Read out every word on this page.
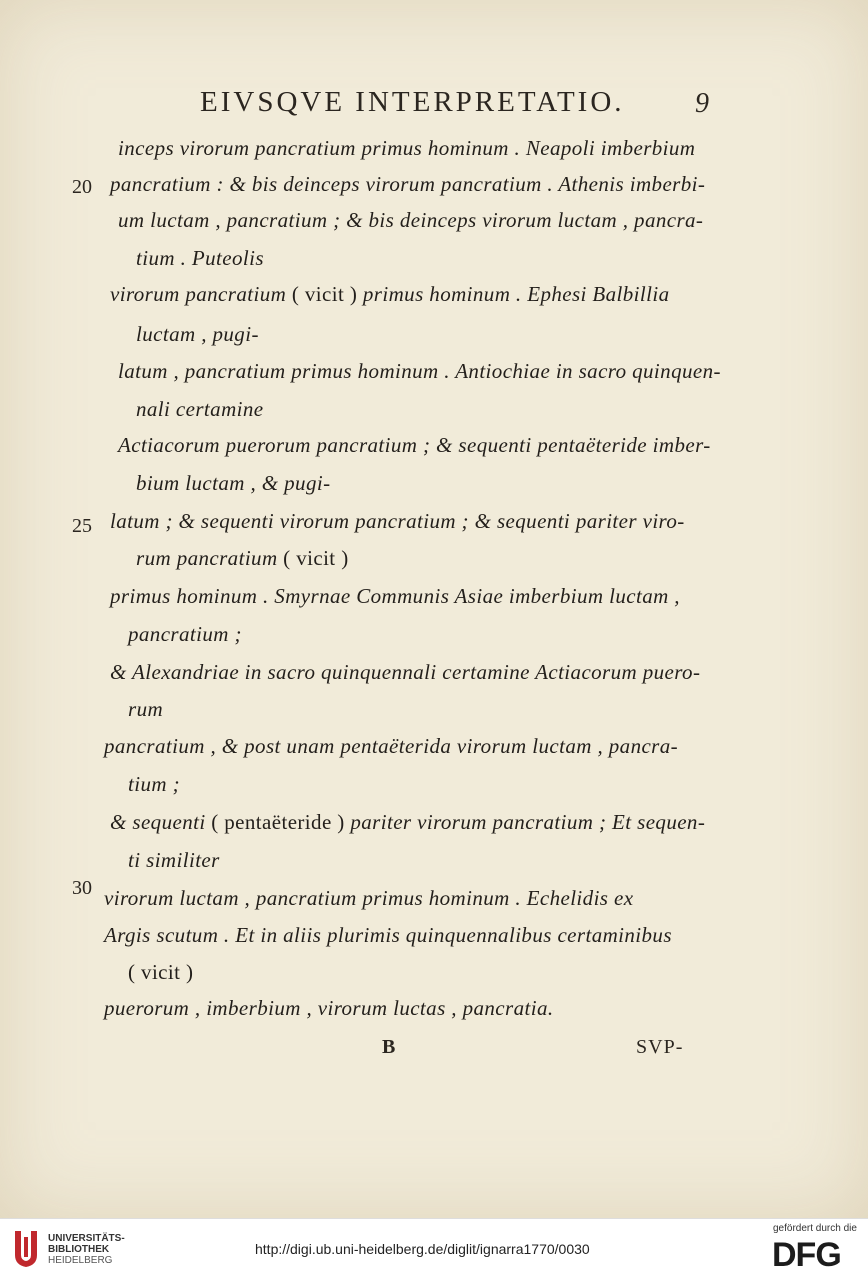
EIVSQVE INTERPRETATIO.	9
20
25
30
inceps virorum pancratium primus hominum . Neapoli imberbium
pancratium : & bis deinceps virorum pancratium . Athenis imberbi-
um luctam , pancratium ; & bis deinceps virorum luctam , pancra-
tium . Puteolis
virorum pancratium ( vicit ) primus hominum . Ephesi Balbillia
luctam , pugi-
latum , pancratium primus hominum . Antiochiae in sacro quinquen-
nali certamine
Actiacorum puerorum pancratium ; & sequenti pentaëteride imber-
bium luctam , & pugi-
latum ; & sequenti virorum pancratium ; & sequenti pariter viro-
rum pancratium ( vicit )
primus hominum . Smyrnae Communis Asiae imberbium luctam ,
pancratium ;
& Alexandriae in sacro quinquennali certamine Actiacorum puero-
rum
pancratium , & post unam pentaëterida virorum luctam , pancra-
tium ;
& sequenti ( pentaëteride ) pariter virorum pancratium ; Et sequen-
ti similiter
virorum luctam , pancratium primus hominum . Echelidis ex
Argis scutum . Et in aliis plurimis quinquennalibus certaminibus
( vicit )
puerorum , imberbium , virorum luctas , pancratia.
B	SVP-
UNIVERSITÄTS-
BIBLIOTHEK
HEIDELBERG
http://digi.ub.uni-heidelberg.de/diglit/ignarra1770/0030
gefördert durch die
DFG
